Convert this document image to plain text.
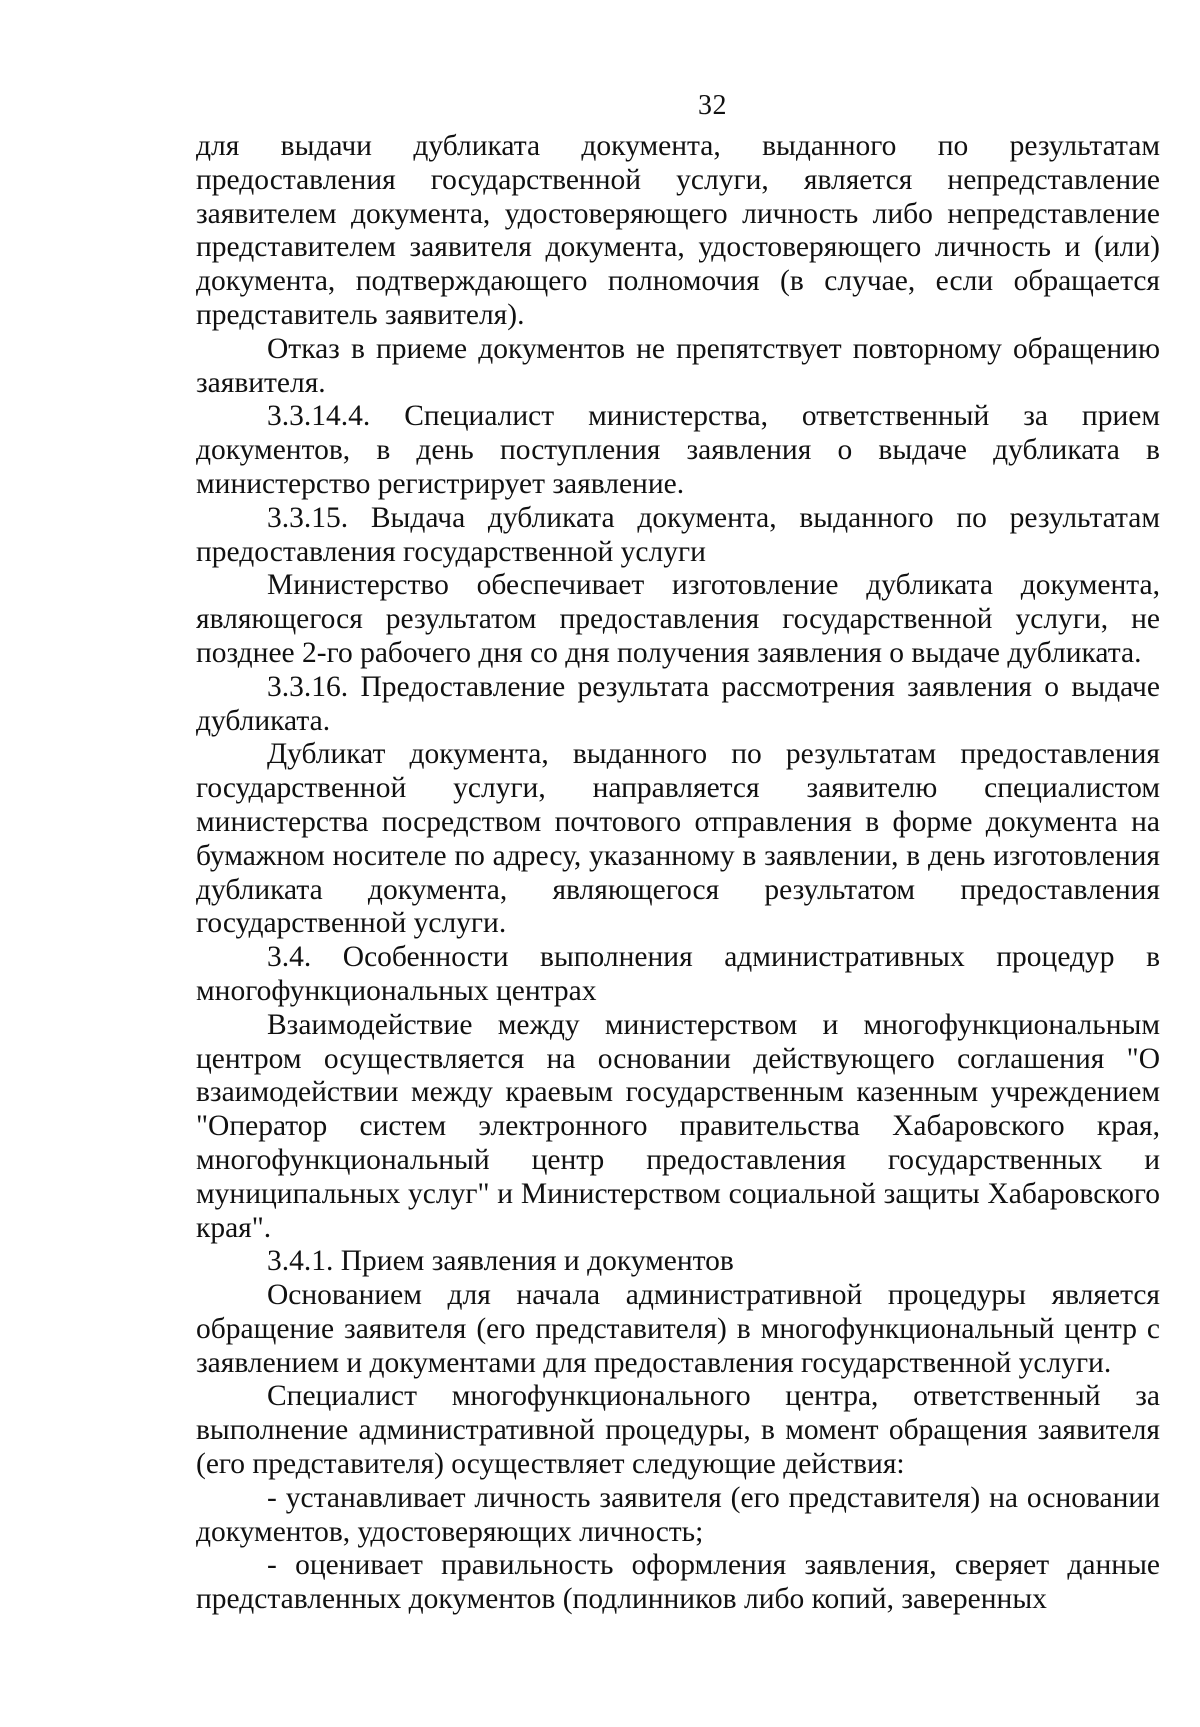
32

для выдачи дубликата документа, выданного по результатам предоставления государственной услуги, является непредставление заявителем документа, удостоверяющего личность либо непредставление представителем заявителя документа, удостоверяющего личность и (или) документа, подтверждающего полномочия (в случае, если обращается представитель заявителя).

Отказ в приеме документов не препятствует повторному обращению заявителя.

3.3.14.4. Специалист министерства, ответственный за прием документов, в день поступления заявления о выдаче дубликата в министерство регистрирует заявление.

3.3.15. Выдача дубликата документа, выданного по результатам предоставления государственной услуги

Министерство обеспечивает изготовление дубликата документа, являющегося результатом предоставления государственной услуги, не позднее 2-го рабочего дня со дня получения заявления о выдаче дубликата.

3.3.16. Предоставление результата рассмотрения заявления о выдаче дубликата.

Дубликат документа, выданного по результатам предоставления государственной услуги, направляется заявителю специалистом министерства посредством почтового отправления в форме документа на бумажном носителе по адресу, указанному в заявлении, в день изготовления дубликата документа, являющегося результатом предоставления государственной услуги.

3.4. Особенности выполнения административных процедур в многофункциональных центрах

Взаимодействие между министерством и многофункциональным центром осуществляется на основании действующего соглашения "О взаимодействии между краевым государственным казенным учреждением "Оператор систем электронного правительства Хабаровского края, многофункциональный центр предоставления государственных и муниципальных услуг" и Министерством социальной защиты Хабаровского края".

3.4.1. Прием заявления и документов

Основанием для начала административной процедуры является обращение заявителя (его представителя) в многофункциональный центр с заявлением и документами для предоставления государственной услуги.

Специалист многофункционального центра, ответственный за выполнение административной процедуры, в момент обращения заявителя (его представителя) осуществляет следующие действия:

- устанавливает личность заявителя (его представителя) на основании документов, удостоверяющих личность;

- оценивает правильность оформления заявления, сверяет данные представленных документов (подлинников либо копий, заверенных
